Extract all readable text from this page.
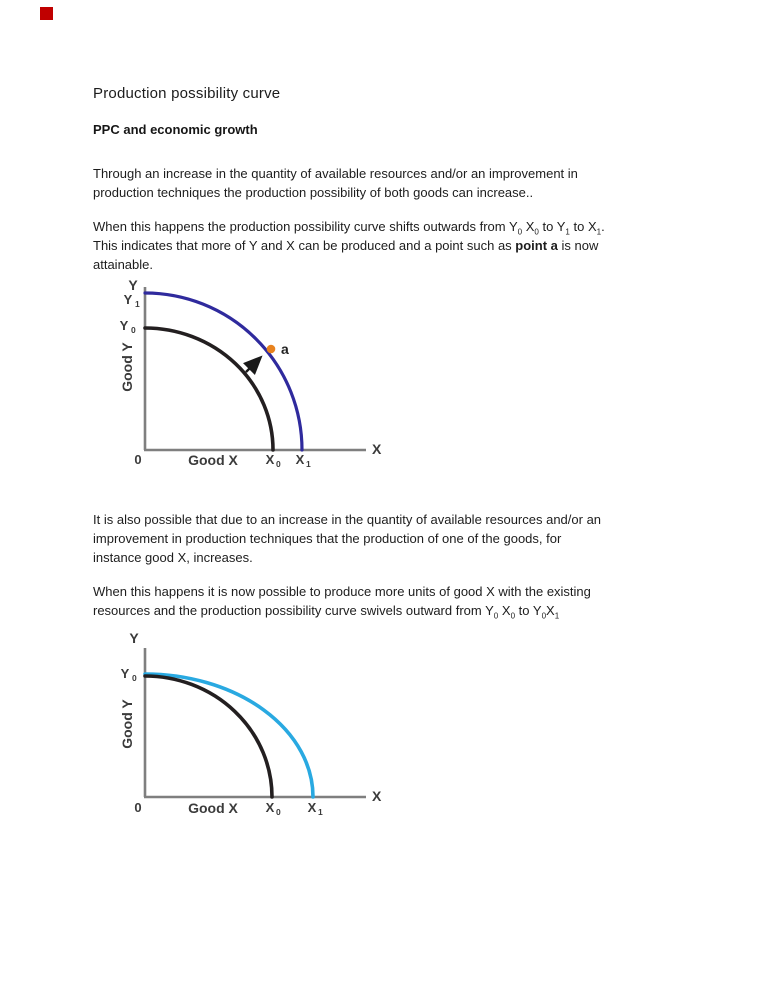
Production possibility curve
PPC and economic growth

Through an increase in the quantity of available resources and/or an improvement in
production techniques the production possibility of both goods can increase..

When this happens the production possibility curve shifts outwards from $Y_0$ $X_0$ to $Y_1$ to $X_1$.
This indicates that more of Y and X can be produced and a point such as point a is now
attainable.

a
Y
Y 1
Y 0
Good Y
0	Good X X 0 X 1
X

It is also possible that due to an increase in the quantity of available resources and/or an
improvement in production techniques that the production of one of the goods, for
instance good X, increases.

When this happens it is now possible to produce more units of good X with the existing
resources and the production possibility curve swivels outward from $Y_0$ $X_0$ to $Y_0X_1$

Y
Y 0
Good Y
0	Good X X 0 X 1
X
